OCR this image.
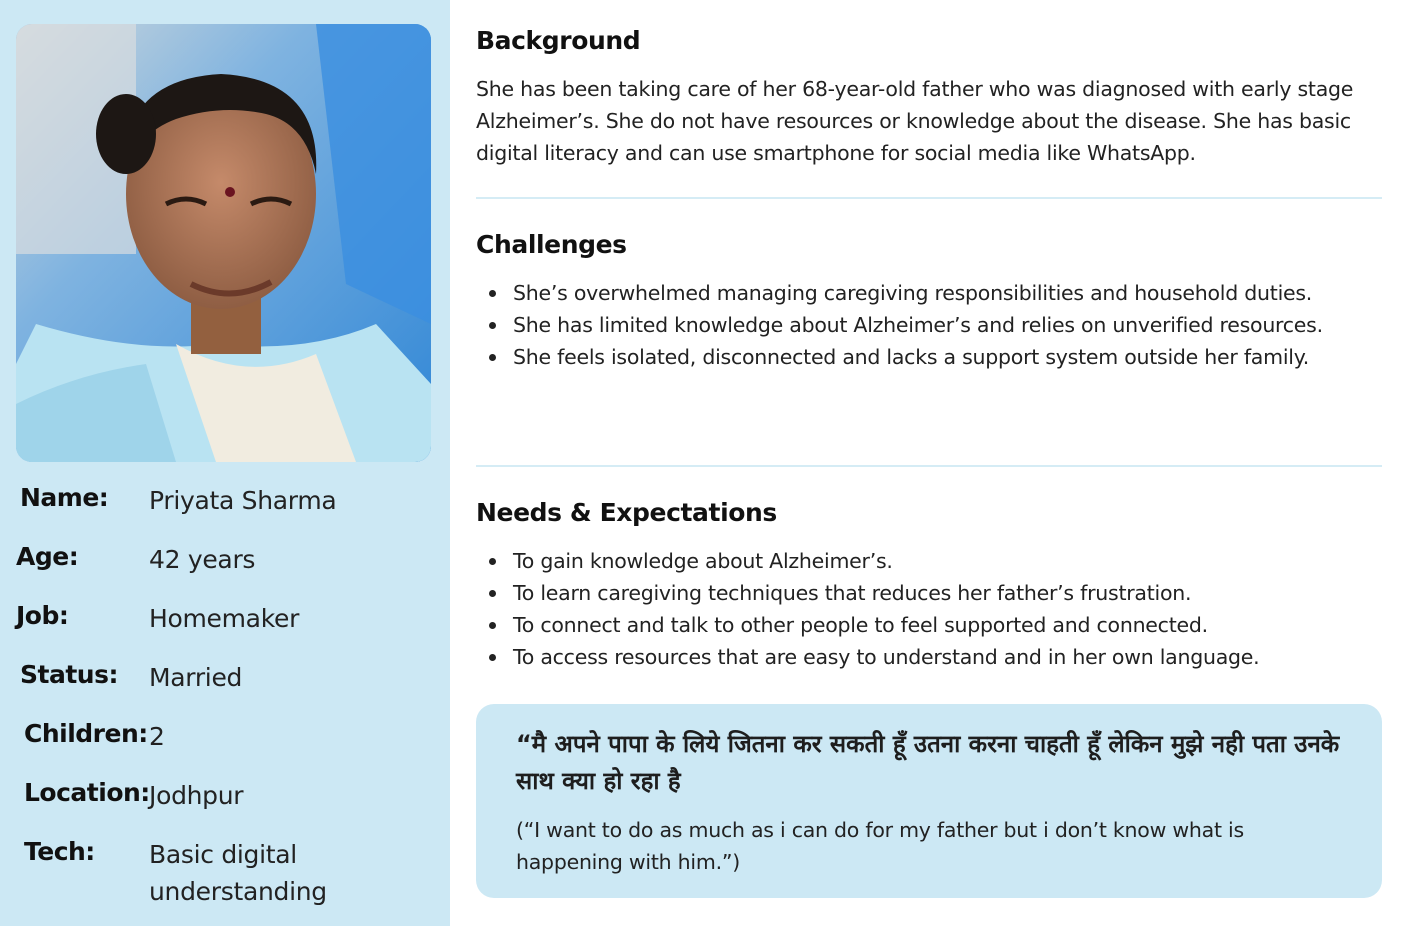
Name: Priyata Sharma
Age:	42 years
Job:	Homemaker
Status: Married
Children: 2
Location: Jodhpur
Tech: Basic digital understanding
Background
She has been taking care of her 68-year-old father who was diagnosed with early stage Alzheimer’s. She do not have resources or knowledge about the disease. She has basic digital literacy and can use smartphone for social media like WhatsApp.
Challenges
She’s overwhelmed managing caregiving responsibilities and household duties.
She has limited knowledge about Alzheimer’s and relies on unverified resources.
She feels isolated, disconnected and lacks a support system outside her family.
Needs & Expectations
To gain knowledge about Alzheimer’s.
To learn caregiving techniques that reduces her father’s frustration.
To connect and talk to other people to feel supported and connected.
To access resources that are easy to understand and in her own language.
“मै अपने पापा के लिये जितना कर सकती हूँ उतना करना चाहती हूँ लेकिन मुझे नही पता उनके साथ क्या हो रहा है
(“I want to do as much as i can do for my father but i don’t know what is happening with him.”)
